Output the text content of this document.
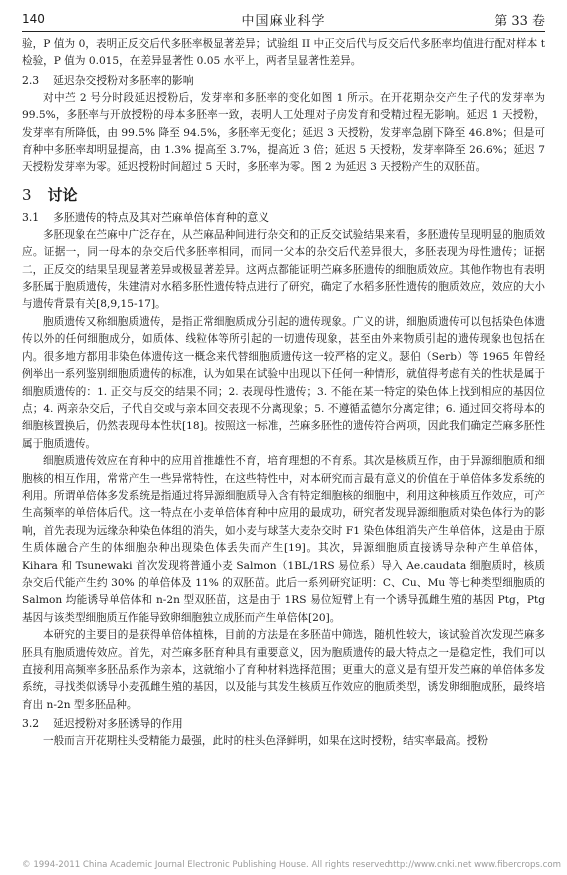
140	中国麻业科学	第 33 卷

验，P 值为 0，表明正反交后代多胚率极显著差异；试验组 II 中正交后代与反交后代多胚率均值进行配对样本 t 检验，P 值为 0.015，在差异显著性 0.05 水平上，两者呈显著性差异。

2.3 延迟杂交授粉对多胚率的影响

对中苎 2 号分时段延迟授粉后，发芽率和多胚率的变化如图 1 所示。在开花期杂交产生子代的发芽率为 99.5%，多胚率与开放授粉的母本多胚率一致，表明人工处理对子房发育和受精过程无影响。延迟 1 天授粉，发芽率有所降低，由 99.5% 降至 94.5%，多胚率无变化；延迟 3 天授粉，发芽率急剧下降至 46.8%；但是可育种中多胚率却明显提高，由 1.3% 提高至 3.7%，提高近 3 倍；延迟 5 天授粉，发芽率降至 26.6%；延迟 7 天授粉发芽率为零。延迟授粉时间超过 5 天时，多胚率为零。图 2 为延迟 3 天授粉产生的双胚苗。

3 讨论
3.1 多胚遗传的特点及其对苎麻单倍体育种的意义

多胚现象在苎麻中广泛存在，从苎麻品种间进行杂交和的正反交试验结果来看，多胚遗传呈现明显的胞质效应。证据一，同一母本的杂交后代多胚率相同，而同一父本的杂交后代差异很大，多胚表现为母性遗传；证据二，正反交的结果呈现显著差异或极显著差异。这两点都能证明苎麻多胚遗传的细胞质效应。其他作物也有表明多胚属于胞质遗传，朱建清对水稻多胚性遗传特点进行了研究，确定了水稻多胚性遗传的胞质效应，效应的大小与遗传背景有关[8,9,15-17]。

胞质遗传又称细胞质遗传，是指正常细胞质成分引起的遗传现象。广义的讲，细胞质遗传可以包括染色体遗传以外的任何细胞成分，如质体、线粒体等所引起的一切遗传现象，甚至由外来物质引起的遗传现象也包括在内。很多地方都用非染色体遗传这一概念来代替细胞质遗传这一较严格的定义。瑟伯（Serb）等 1965 年曾经例举出一系列鉴别细胞质遗传的标准，认为如果在试验中出现以下任何一种情形，就值得考虑有关的性状是属于细胞质遗传的：1. 正交与反交的结果不同；2. 表现母性遗传；3. 不能在某一特定的染色体上找到相应的基因位点；4. 两亲杂交后，子代自交或与亲本回交表现不分离现象；5. 不遵循孟德尔分离定律；6. 通过回交将母本的细胞核置换后，仍然表现母本性状[18]。按照这一标准，苎麻多胚性的遗传符合两项，因此我们确定苎麻多胚性属于胞质遗传。

细胞质遗传效应在育种中的应用首推雄性不育，培育理想的不育系。其次是核质互作，由于异源细胞质和细胞核的相互作用，常常产生一些异常特性，在这些特性中，对本研究而言最有意义的价值在于单倍体多发系统的利用。所谓单倍体多发系统是指通过将异源细胞质导入含有特定细胞核的细胞中，利用这种核质互作效应，可产生高频率的单倍体后代。这一特点在小麦单倍体育种中应用的最成功，研究者发现异源细胞质对染色体行为的影响，首先表现为远缘杂种染色体组的消失，如小麦与球茎大麦杂交时 F1 染色体组消失产生单倍体，这是由于原生质体融合产生的体细胞杂种出现染色体丢失而产生[19]。其次，异源细胞质直接诱导杂种产生单倍体，Kihara 和 Tsunewaki 首次发现将普通小麦 Salmon（1BL/1RS 易位系）导入 Ae.caudata 细胞质时，核质杂交后代能产生约 30% 的单倍体及 11% 的双胚苗。此后一系列研究证明：C、Cu、Mu 等七种类型细胞质的 Salmon 均能诱导单倍体和 n-2n 型双胚苗，这是由于 1RS 易位短臂上有一个诱导孤雌生殖的基因 Ptg，Ptg 基因与该类型细胞质互作能导致卵细胞独立成胚而产生单倍体[20]。

本研究的主要目的是获得单倍体植株，目前的方法是在多胚苗中筛选，随机性较大，该试验首次发现苎麻多胚具有胞质遗传效应。首先，对苎麻多胚育种具有重要意义，因为胞质遗传的最大特点之一是稳定性，我们可以直接利用高频率多胚品系作为亲本，这就缩小了育种材料选择范围；更重大的意义是有望开发苎麻的单倍体多发系统，寻找类似诱导小麦孤雌生殖的基因，以及能与其发生核质互作效应的胞质类型，诱发卵细胞成胚，最终培育出 n-2n 型多胚品种。

3.2 延迟授粉对多胚诱导的作用

一般而言开花期柱头受精能力最强，此时的柱头色泽鲜明，如果在这时授粉，结实率最高。授粉

© 1994-2011 China Academic Journal Electronic Publishing House. All rights reserved.
http://www.cnki.net www.fibercrops.com
